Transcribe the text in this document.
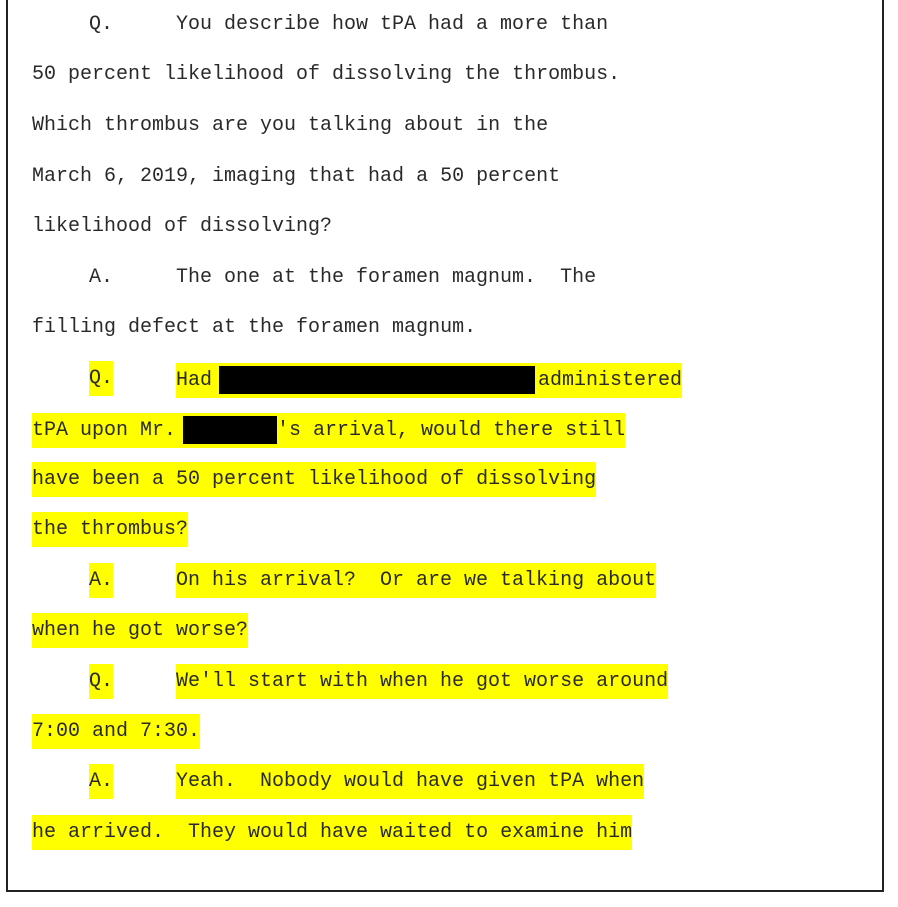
Q.	You describe how tPA had a more than
50 percent likelihood of dissolving the thrombus.
Which thrombus are you talking about in the
March 6, 2019, imaging that had a 50 percent
likelihood of dissolving?
A.	The one at the foramen magnum.  The
filling defect at the foramen magnum.
Q.	Had	administered
tPA upon Mr.	's arrival, would there still
have been a 50 percent likelihood of dissolving
the thrombus?
A.	On his arrival?  Or are we talking about
when he got worse?
Q.	We'll start with when he got worse around
7:00 and 7:30.
A.	Yeah.  Nobody would have given tPA when
he arrived.  They would have waited to examine him
